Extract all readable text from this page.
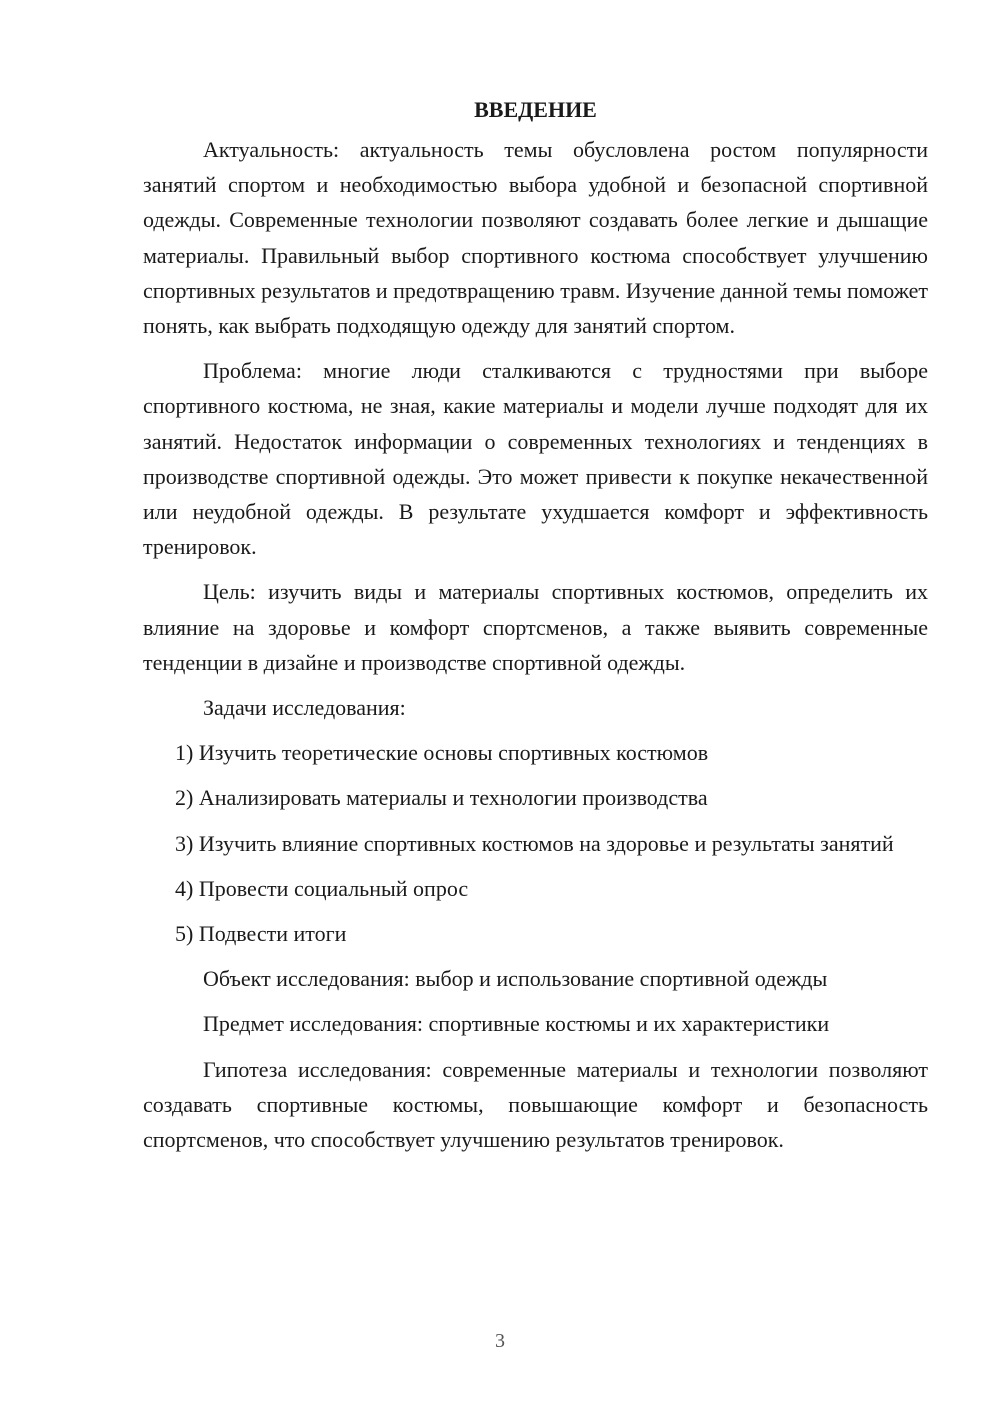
ВВЕДЕНИЕ

Актуальность: актуальность темы обусловлена ростом популярности занятий спортом и необходимостью выбора удобной и безопасной спортивной одежды. Современные технологии позволяют создавать более легкие и дышащие материалы. Правильный выбор спортивного костюма способствует улучшению спортивных результатов и предотвращению травм. Изучение данной темы поможет понять, как выбрать подходящую одежду для занятий спортом.

Проблема: многие люди сталкиваются с трудностями при выборе спортивного костюма, не зная, какие материалы и модели лучше подходят для их занятий. Недостаток информации о современных технологиях и тенденциях в производстве спортивной одежды. Это может привести к покупке некачественной или неудобной одежды. В результате ухудшается комфорт и эффективность тренировок.

Цель: изучить виды и материалы спортивных костюмов, определить их влияние на здоровье и комфорт спортсменов, а также выявить современные тенденции в дизайне и производстве спортивной одежды.

Задачи исследования:

1) Изучить теоретические основы спортивных костюмов

2) Анализировать материалы и технологии производства

3) Изучить влияние спортивных костюмов на здоровье и результаты занятий

4) Провести социальный опрос

5) Подвести итоги

Объект исследования: выбор и использование спортивной одежды

Предмет исследования: спортивные костюмы и их характеристики

Гипотеза исследования: современные материалы и технологии позволяют создавать спортивные костюмы, повышающие комфорт и безопасность спортсменов, что способствует улучшению результатов тренировок.

3
